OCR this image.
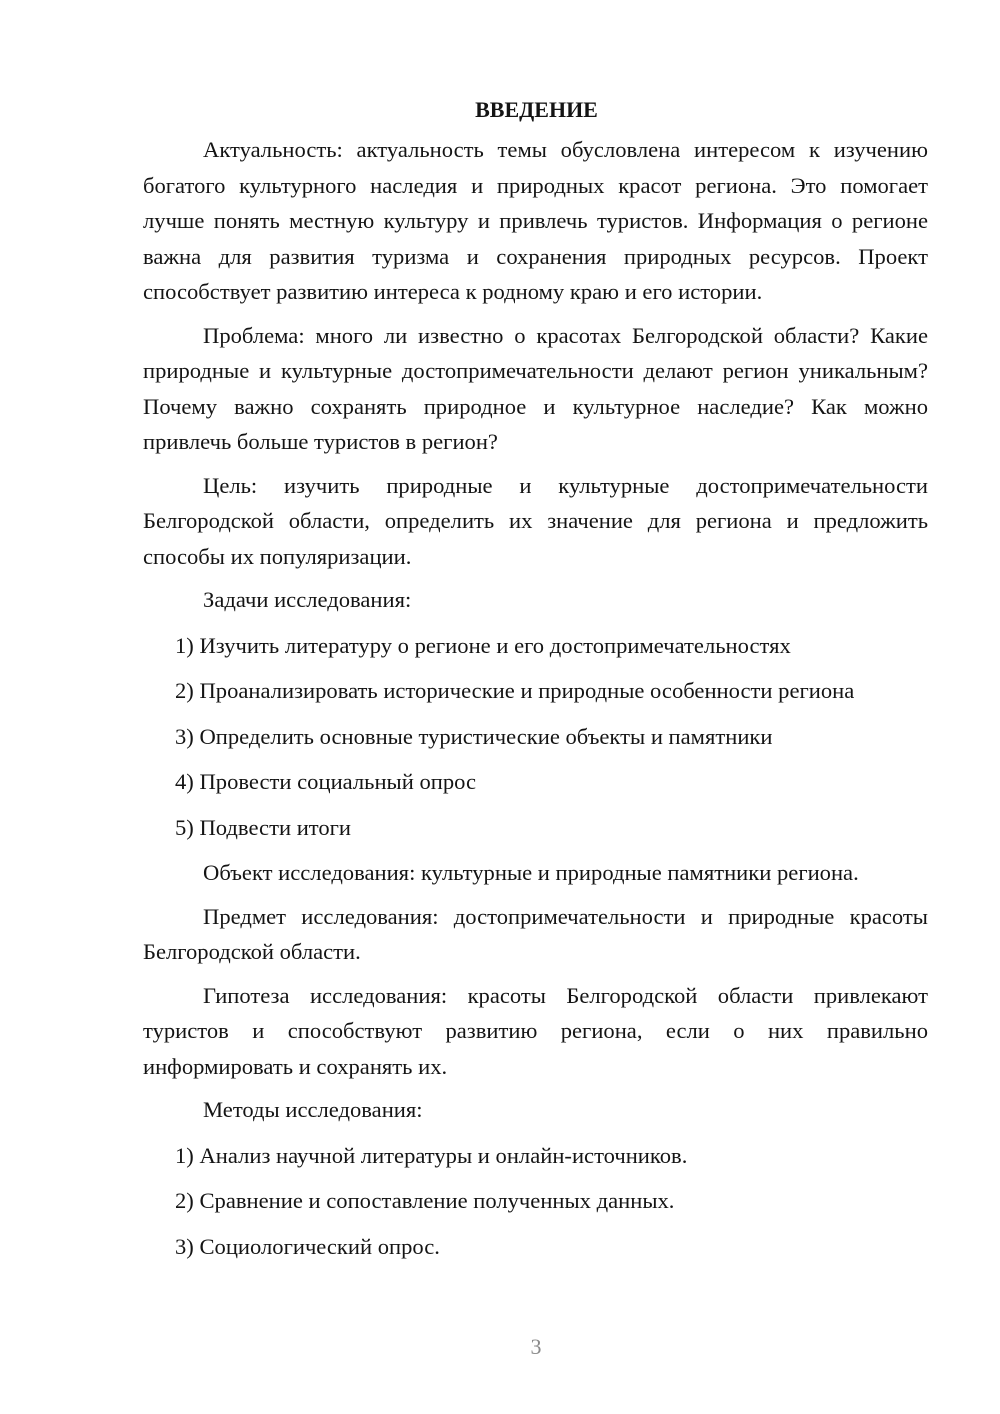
ВВЕДЕНИЕ

Актуальность: актуальность темы обусловлена интересом к изучению богатого культурного наследия и природных красот региона. Это помогает лучше понять местную культуру и привлечь туристов. Информация о регионе важна для развития туризма и сохранения природных ресурсов. Проект способствует развитию интереса к родному краю и его истории.

Проблема: много ли известно о красотах Белгородской области? Какие природные и культурные достопримечательности делают регион уникальным? Почему важно сохранять природное и культурное наследие? Как можно привлечь больше туристов в регион?

Цель: изучить природные и культурные достопримечательности Белгородской области, определить их значение для региона и предложить способы их популяризации.

Задачи исследования:
1) Изучить литературу о регионе и его достопримечательностях
2) Проанализировать исторические и природные особенности региона
3) Определить основные туристические объекты и памятники
4) Провести социальный опрос
5) Подвести итоги

Объект исследования: культурные и природные памятники региона.

Предмет исследования: достопримечательности и природные красоты Белгородской области.

Гипотеза исследования: красоты Белгородской области привлекают туристов и способствуют развитию региона, если о них правильно информировать и сохранять их.

Методы исследования:
1) Анализ научной литературы и онлайн-источников.
2) Сравнение и сопоставление полученных данных.
3) Социологический опрос.
3
